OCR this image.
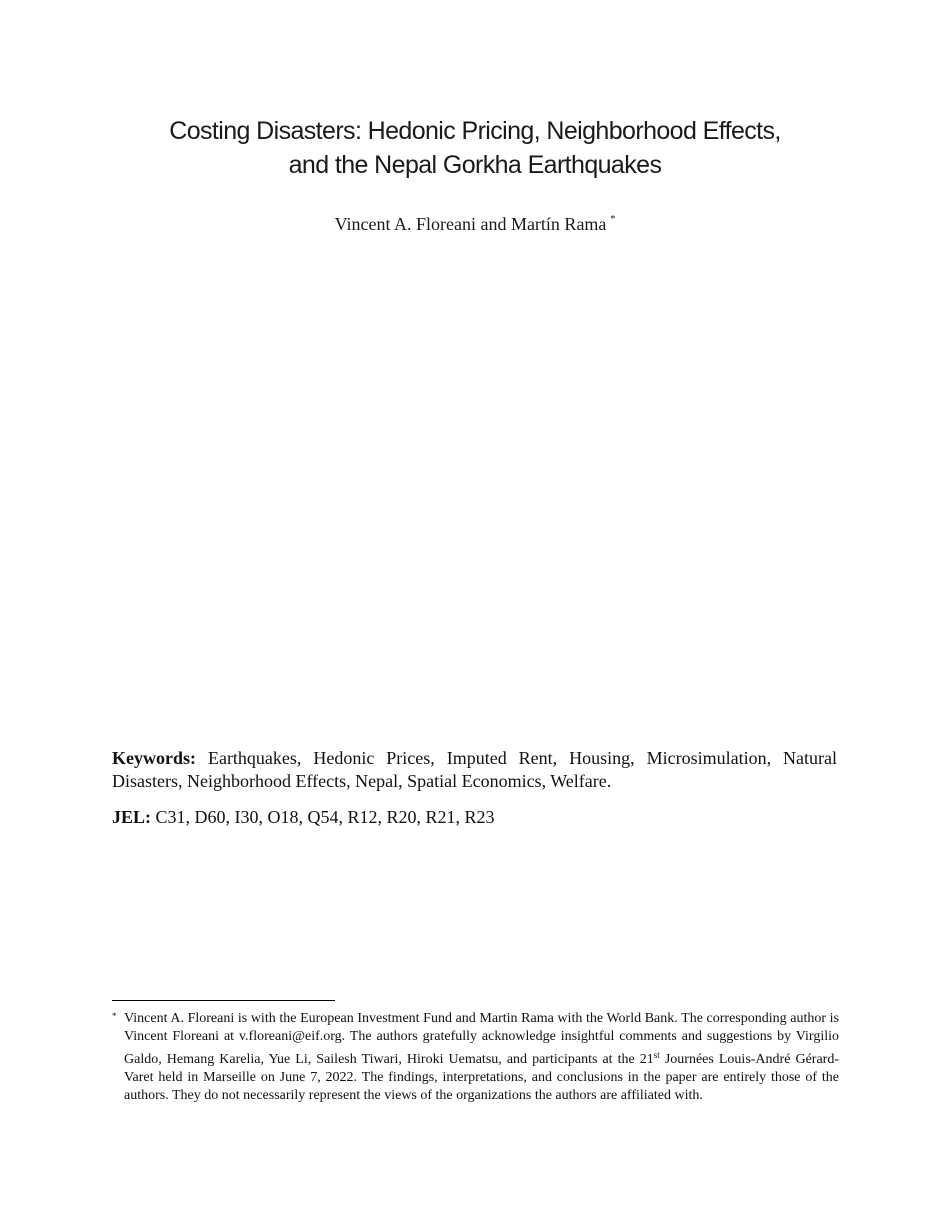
Costing Disasters: Hedonic Pricing, Neighborhood Effects,
and the Nepal Gorkha Earthquakes
Vincent A. Floreani and Martín Rama *
Keywords: Earthquakes, Hedonic Prices, Imputed Rent, Housing, Microsimulation, Natural Disasters, Neighborhood Effects, Nepal, Spatial Economics, Welfare.
JEL: C31, D60, I30, O18, Q54, R12, R20, R21, R23
* Vincent A. Floreani is with the European Investment Fund and Martin Rama with the World Bank. The corresponding author is Vincent Floreani at v.floreani@eif.org. The authors gratefully acknowledge insightful comments and suggestions by Virgilio Galdo, Hemang Karelia, Yue Li, Sailesh Tiwari, Hiroki Uematsu, and participants at the 21st Journées Louis-André Gérard-Varet held in Marseille on June 7, 2022. The findings, interpretations, and conclusions in the paper are entirely those of the authors. They do not necessarily represent the views of the organizations the authors are affiliated with.
